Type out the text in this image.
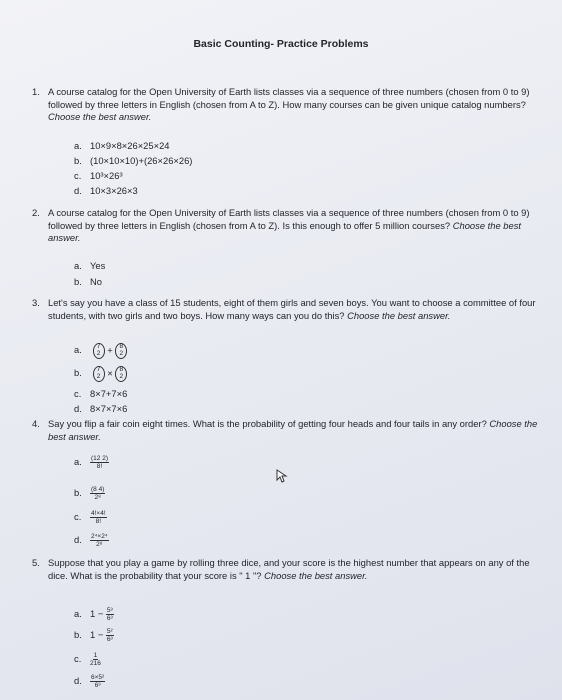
Basic Counting- Practice Problems
1. A course catalog for the Open University of Earth lists classes via a sequence of three numbers (chosen from 0 to 9) followed by three letters in English (chosen from A to Z). How many courses can be given unique catalog numbers? Choose the best answer.
a. 10×9×8×26×25×24
b. (10×10×10)+(26×26×26)
c. 10³×26³
d. 10×3×26×3
2. A course catalog for the Open University of Earth lists classes via a sequence of three numbers (chosen from 0 to 9) followed by three letters in English (chosen from A to Z). Is this enough to offer 5 million courses? Choose the best answer.
a. Yes
b. No
3. Let's say you have a class of 15 students, eight of them girls and seven boys. You want to choose a committee of four students, with two girls and two boys. How many ways can you do this? Choose the best answer.
a. 7
2 + 8
2
b. 7
2 × 8
2
c. 8×7+7×6
d. 8×7×7×6
4. Say you flip a fair coin eight times. What is the probability of getting four heads and four tails in any order? Choose the best answer.
a. $\frac{(12 2)}{8!}$
b. $\frac{(8 4)}{\text{2⁸}}$
c. $\frac{4!\times 4!}{8!}$
d. $\frac{\text{2⁴×2⁴}}{\text{2⁸}}$
5. Suppose that you play a game by rolling three dice, and your score is the highest number that appears on any of the dice. What is the probability that your score is " 1 "? Choose the best answer.
a. $1 - \frac{\text{5³}}{\text{6³}}$
b. $1 - \frac{\text{5²}}{\text{6³}}$
c. $\frac{1}{216}$
d. $\frac{\text{6×5²}}{\text{6³}}$
